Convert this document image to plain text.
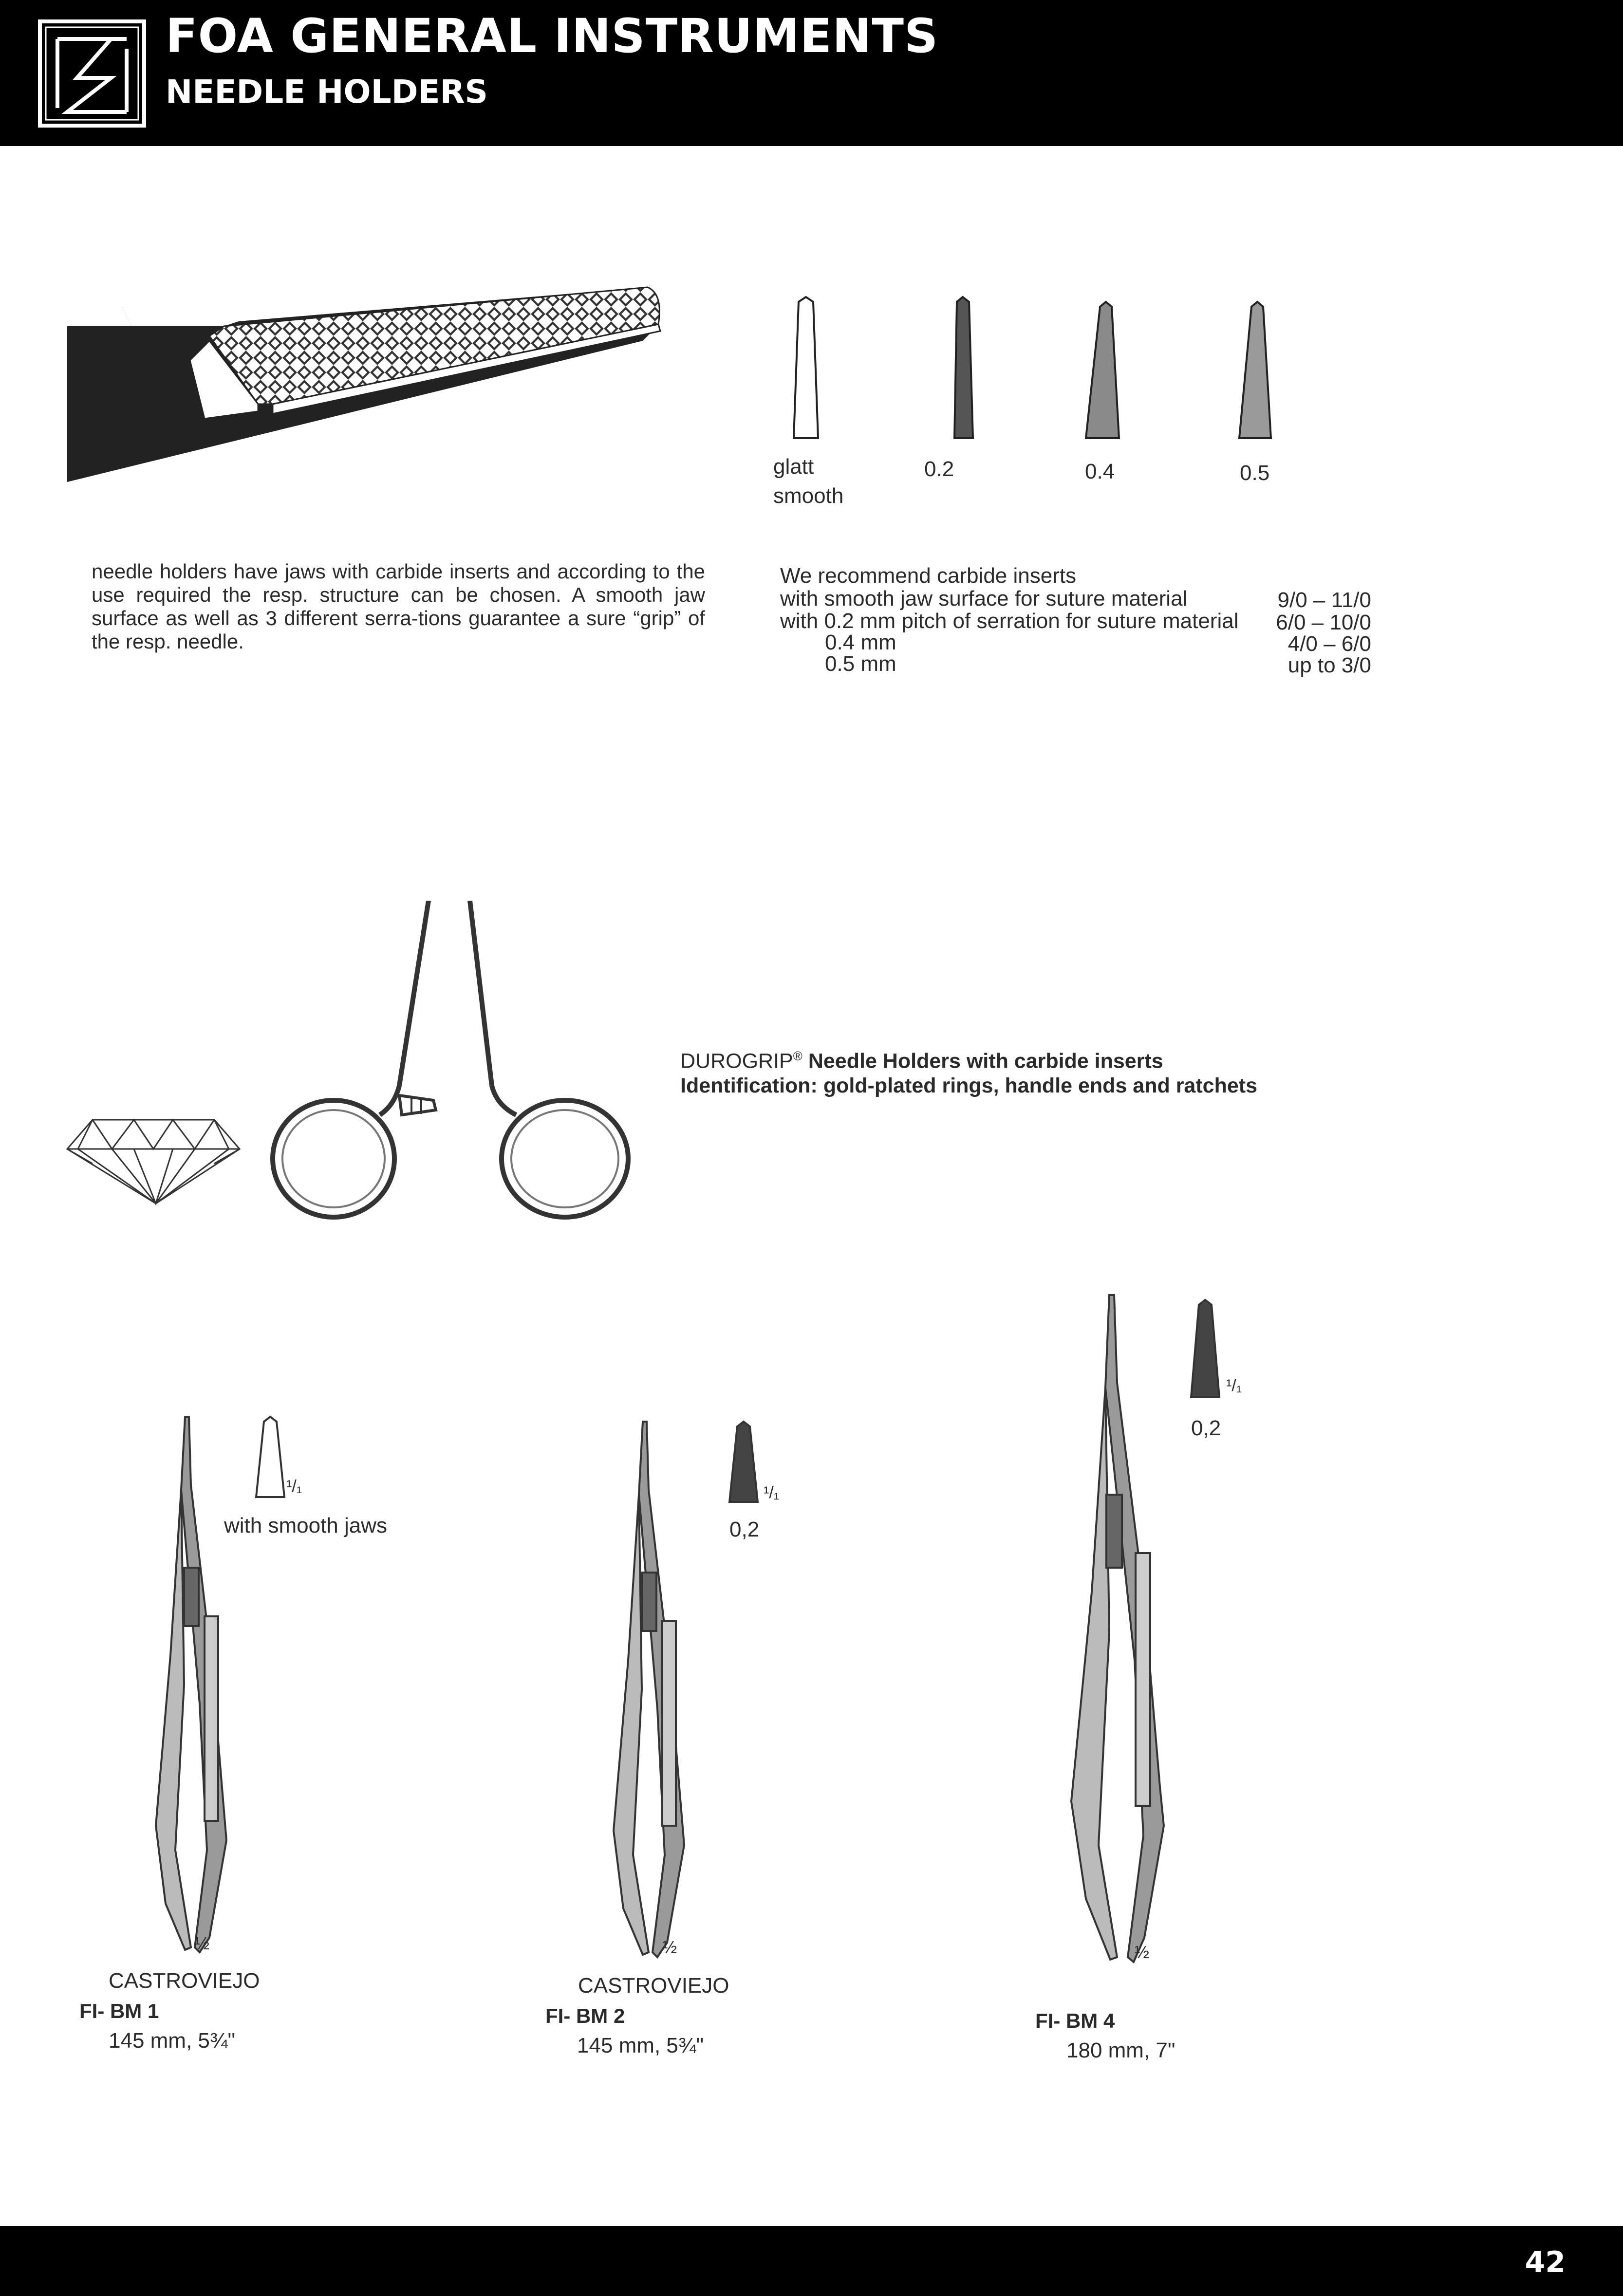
FOA GENERAL INSTRUMENTS
NEEDLE HOLDERS
glatt
smooth
0.2	0.4	0.5
needle holders have jaws with carbide inserts and according to the use required the resp. structure can be chosen. A smooth jaw surface as well as 3 different serra-tions guarantee a sure “grip” of the resp. needle.
We recommend carbide inserts
with smooth jaw surface for suture material
with 0.2 mm pitch of serration for suture material
0.4 mm
0.5 mm
9/0 – 11/0
6/0 – 10/0
4/0 – 6/0
up to 3/0
DUROGRIP® Needle Holders with carbide inserts
Identification: gold-plated rings, handle ends and ratchets
¹/₁
with smooth jaws
½
CASTROVIEJO
FI- BM 1
145 mm, 5¾"
¹/₁
0,2
½
CASTROVIEJO
FI- BM 2
145 mm, 5¾"
¹/₁
0,2
½
FI- BM 4
180 mm, 7"
42
